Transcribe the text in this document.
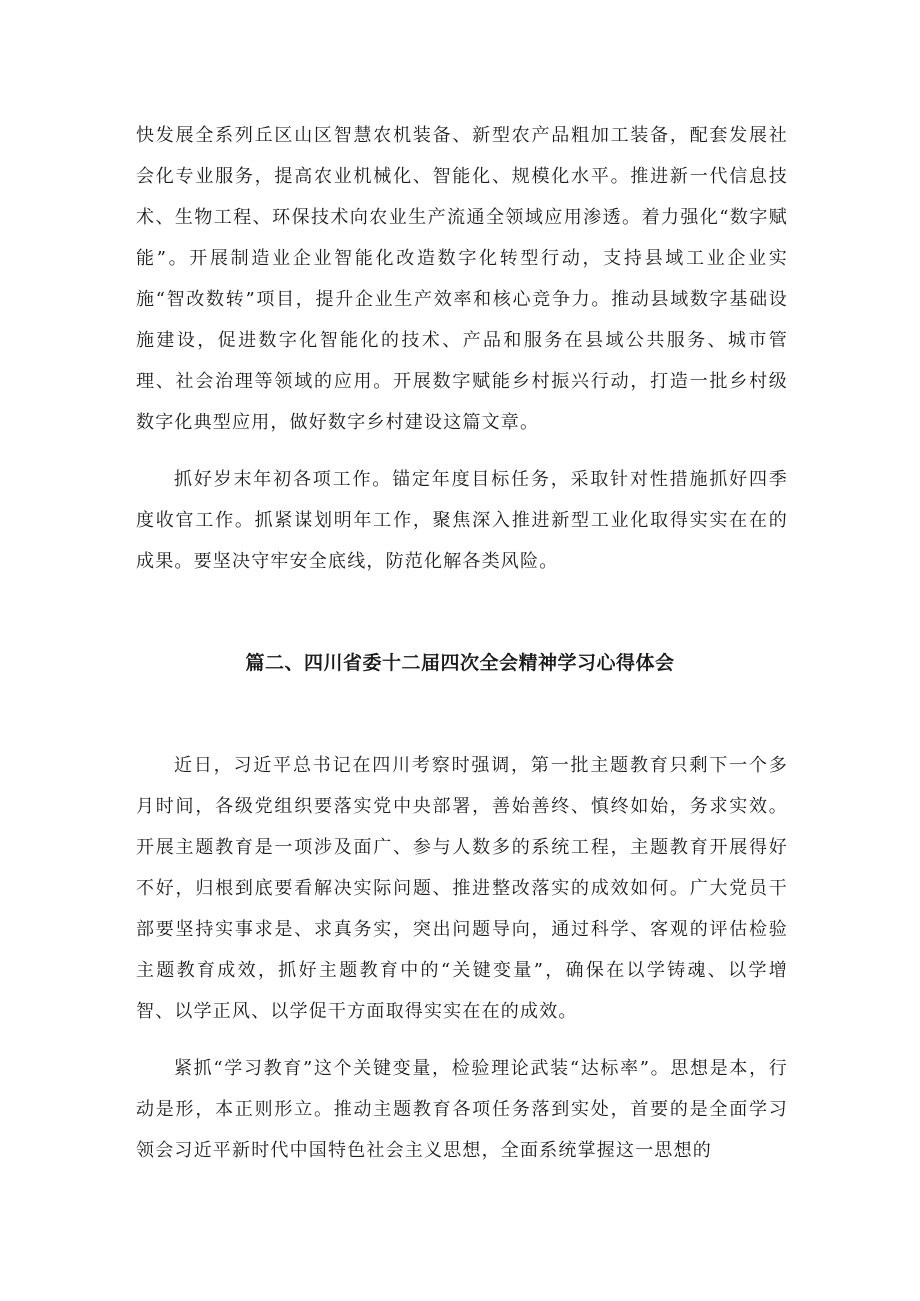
快发展全系列丘区山区智慧农机装备、新型农产品粗加工装备，配套发展社会化专业服务，提高农业机械化、智能化、规模化水平。推进新一代信息技术、生物工程、环保技术向农业生产流通全领域应用渗透。着力强化“数字赋能”。开展制造业企业智能化改造数字化转型行动，支持县域工业企业实施“智改数转”项目，提升企业生产效率和核心竞争力。推动县域数字基础设施建设，促进数字化智能化的技术、产品和服务在县域公共服务、城市管理、社会治理等领域的应用。开展数字赋能乡村振兴行动，打造一批乡村级数字化典型应用，做好数字乡村建设这篇文章。

抓好岁末年初各项工作。锚定年度目标任务，采取针对性措施抓好四季度收官工作。抓紧谋划明年工作，聚焦深入推进新型工业化取得实实在在的成果。要坚决守牢安全底线，防范化解各类风险。

篇二、四川省委十二届四次全会精神学习心得体会

近日，习近平总书记在四川考察时强调，第一批主题教育只剩下一个多月时间，各级党组织要落实党中央部署，善始善终、慎终如始，务求实效。开展主题教育是一项涉及面广、参与人数多的系统工程，主题教育开展得好不好，归根到底要看解决实际问题、推进整改落实的成效如何。广大党员干部要坚持实事求是、求真务实，突出问题导向，通过科学、客观的评估检验主题教育成效，抓好主题教育中的“关键变量”，确保在以学铸魂、以学增智、以学正风、以学促干方面取得实实在在的成效。

紧抓“学习教育”这个关键变量，检验理论武装“达标率”。思想是本，行动是形，本正则形立。推动主题教育各项任务落到实处，首要的是全面学习领会习近平新时代中国特色社会主义思想，全面系统掌握这一思想的
